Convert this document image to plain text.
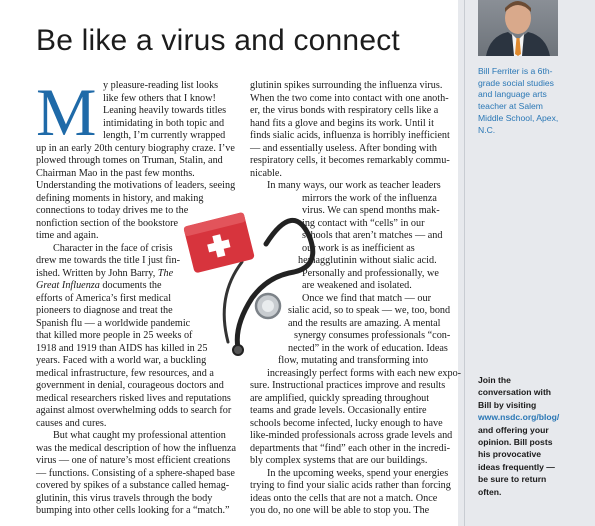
Be like a virus and connect
Bill Ferriter is a 6th-
grade social studies
and language arts
teacher at Salem
Middle School, Apex,
N.C.
Join the
conversation with
Bill by visiting
www.nsdc.org/blog/
and offering your
opinion. Bill posts
his provocative
ideas frequently —
be sure to return
often.
M y pleasure-reading list looks
like few others that I know!
Leaning heavily towards titles
intimidating in both topic and
length, I’m currently wrapped
up in an early 20th century biography craze. I’ve
plowed through tomes on Truman, Stalin, and
Chairman Mao in the past few months.
Understanding the motivations of leaders, seeing
defining moments in history, and making
connections to today drives me to the
nonfiction section of the bookstore
time and again.
Character in the face of crisis
drew me towards the title I just fin-
ished. Written by John Barry, The
Great Influenza documents the
efforts of America’s first medical
pioneers to diagnose and treat the
Spanish flu — a worldwide pandemic
that killed more people in 25 weeks of
1918 and 1919 than AIDS has killed in 25
years. Faced with a world war, a buckling
medical infrastructure, few resources, and a
government in denial, courageous doctors and
medical researchers risked lives and reputations
against almost overwhelming odds to search for
causes and cures.
But what caught my professional attention
was the medical description of how the influenza
virus — one of nature’s most efficient creations
— functions. Consisting of a sphere-shaped base
covered by spikes of a substance called hemag-
glutinin, this virus travels through the body
bumping into other cells looking for a “match.”
glutinin spikes surrounding the influenza virus.
When the two come into contact with one anoth-
er, the virus bonds with respiratory cells like a
hand fits a glove and begins its work. Until it
finds sialic acids, influenza is horribly inefficient
— and essentially useless. After bonding with
respiratory cells, it becomes remarkably commu-
nicable.
In many ways, our work as teacher leaders
mirrors the work of the influenza
virus. We can spend months mak-
ing contact with “cells” in our
schools that aren’t matches — and
our work is as inefficient as
hemagglutinin without sialic acid.
Personally and professionally, we
are weakened and isolated.
Once we find that match — our
sialic acid, so to speak — we, too, bond
and the results are amazing. A mental
synergy consumes professionals “con-
nected” in the work of education. Ideas
flow, mutating and transforming into
increasingly perfect forms with each new expo-
sure. Instructional practices improve and results
are amplified, quickly spreading throughout
teams and grade levels. Occasionally entire
schools become infected, lucky enough to have
like-minded professionals across grade levels and
departments that “find” each other in the incredi-
bly complex systems that are our buildings.
In the upcoming weeks, spend your energies
trying to find your sialic acids rather than forcing
ideas onto the cells that are not a match. Once
you do, no one will be able to stop you. The
